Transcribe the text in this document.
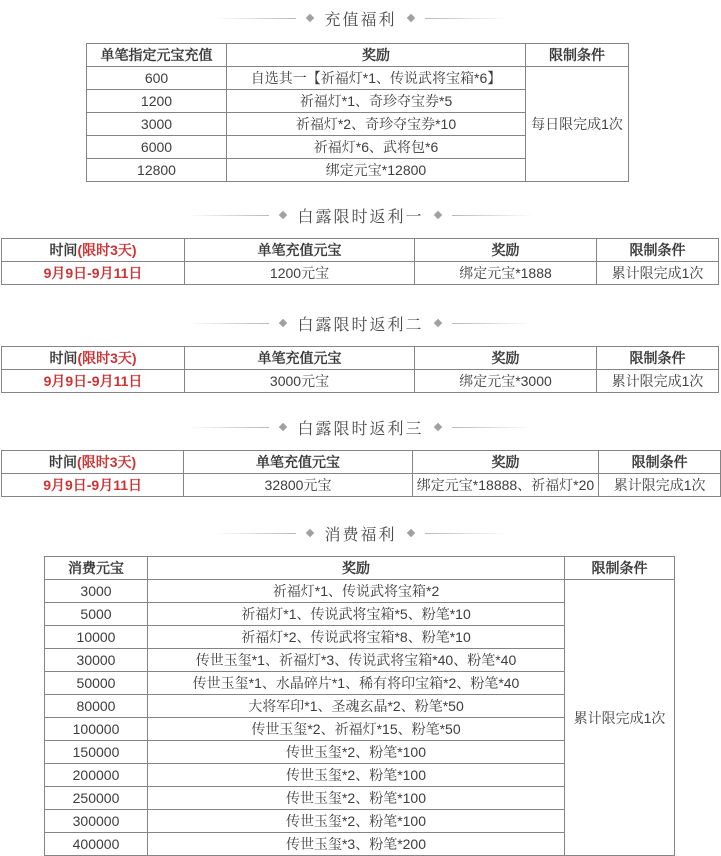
充值福利
单笔指定元宝充值	奖励	限制条件
600	自选其一【祈福灯*1、传说武将宝箱*6】	每日限完成1次
1200	祈福灯*1、奇珍夺宝券*5	
3000	祈福灯*2、奇珍夺宝券*10	
6000	祈福灯*6、武将包*6	
12800	绑定元宝*12800	
白露限时返利一
时间(限时3天)	单笔充值元宝	奖励	限制条件
9月9日-9月11日	1200元宝	绑定元宝*1888	累计限完成1次
白露限时返利二
时间(限时3天)	单笔充值元宝	奖励	限制条件
9月9日-9月11日	3000元宝	绑定元宝*3000	累计限完成1次
白露限时返利三
时间(限时3天)	单笔充值元宝	奖励	限制条件
9月9日-9月11日	32800元宝	绑定元宝*18888、祈福灯*20	累计限完成1次
消费福利
消费元宝	奖励	限制条件
3000	祈福灯*1、传说武将宝箱*2	累计限完成1次
5000	祈福灯*1、传说武将宝箱*5、粉笔*10	
10000	祈福灯*2、传说武将宝箱*8、粉笔*10	
30000	传世玉玺*1、祈福灯*3、传说武将宝箱*40、粉笔*40	
50000	传世玉玺*1、水晶碎片*1、稀有将印宝箱*2、粉笔*40	
80000	大将军印*1、圣魂玄晶*2、粉笔*50	
100000	传世玉玺*2、祈福灯*15、粉笔*50	
150000	传世玉玺*2、粉笔*100	
200000	传世玉玺*2、粉笔*100	
250000	传世玉玺*2、粉笔*100	
300000	传世玉玺*2、粉笔*100	
400000	传世玉玺*3、粉笔*200	
